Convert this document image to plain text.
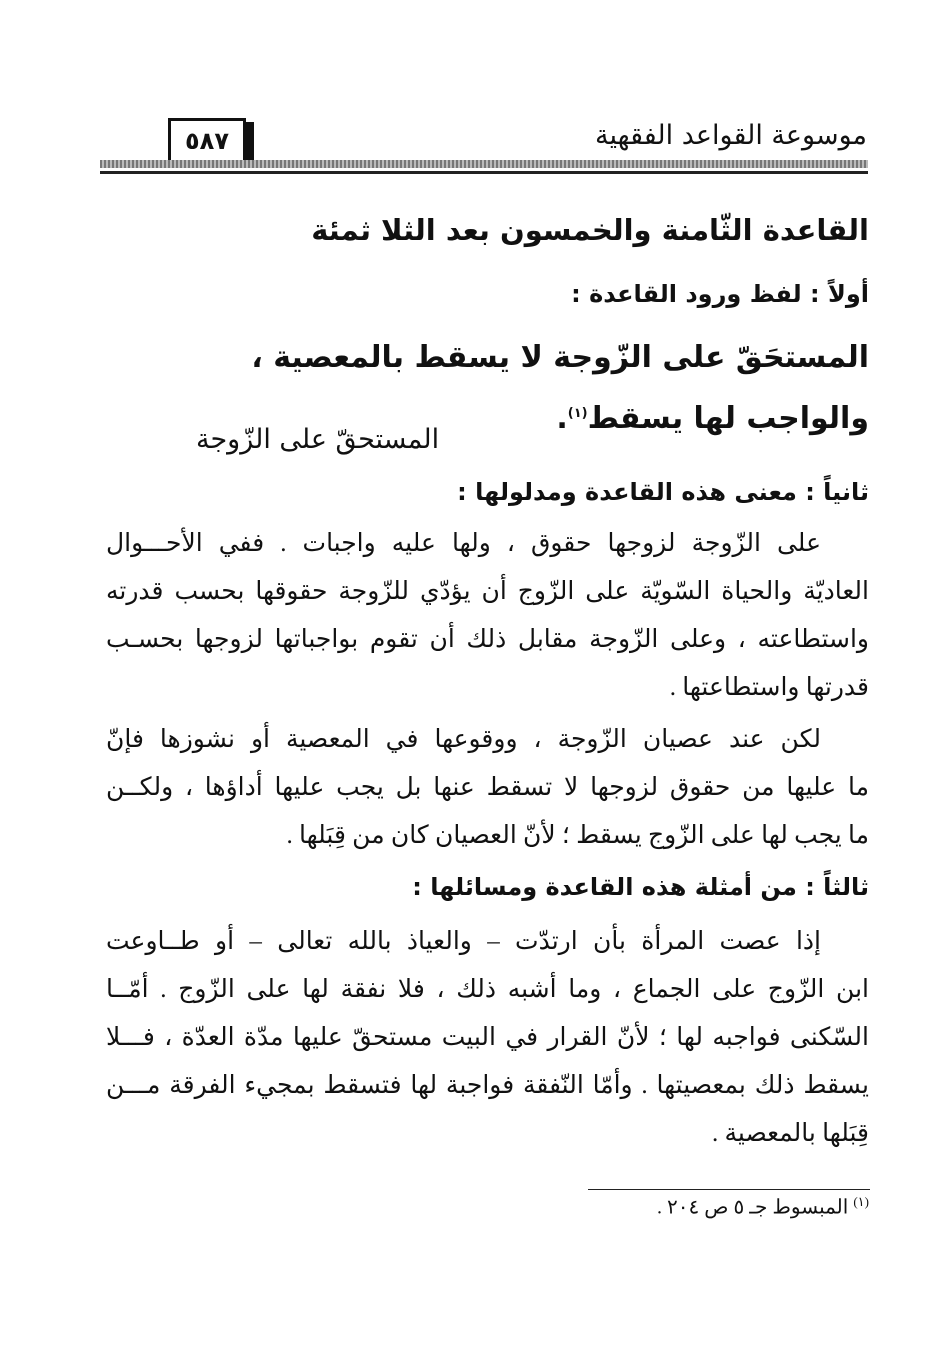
موسوعة القواعد الفقهية
٥٨٧
القاعدة الثّامنة والخمسون بعد الثلا ثمئة
أولاً : لفظ ورود القاعدة :
المستحَقّ على الزّوجة لا يسقط بالمعصية ،
والواجب لها يسقط$^{(١)}$.
المستحقّ على الزّوجة
ثانياً : معنى هذه القاعدة ومدلولها :
على الزّوجة لزوجها حقوق ، ولها عليه واجبات . ففي الأحـــوال
العاديّة والحياة السّويّة على الزّوج أن يؤدّي للزّوجة حقوقها بحسب قدرته
واستطاعته ، وعلى الزّوجة مقابل ذلك أن تقوم بواجباتها لزوجها بحسـب
قدرتها واستطاعتها .
لكن عند عصيان الزّوجة ، ووقوعها في المعصية أو نشوزها فإنّ
ما عليها من حقوق لزوجها لا تسقط عنها بل يجب عليها أداؤها ، ولكــن
ما يجب لها على الزّوج يسقط ؛ لأنّ العصيان كان من قِبَلها .
ثالثاً : من أمثلة هذه القاعدة ومسائلها :
إذا عصت المرأة بأن ارتدّت – والعياذ بالله تعالى – أو طــاوعت
ابن الزّوج على الجماع ، وما أشبه ذلك ، فلا نفقة لها على الزّوج . أمّــا
السّكنى فواجبه لها ؛ لأنّ القرار في البيت مستحقّ عليها مدّة العدّة ، فـــلا
يسقط ذلك بمعصيتها . وأمّا النّفقة فواجبة لها فتسقط بمجيء الفرقة مـــن
قِبَلها بالمعصية .
$^{(١)}$ المبسوط جـ ٥ ص ٢٠٤ .
